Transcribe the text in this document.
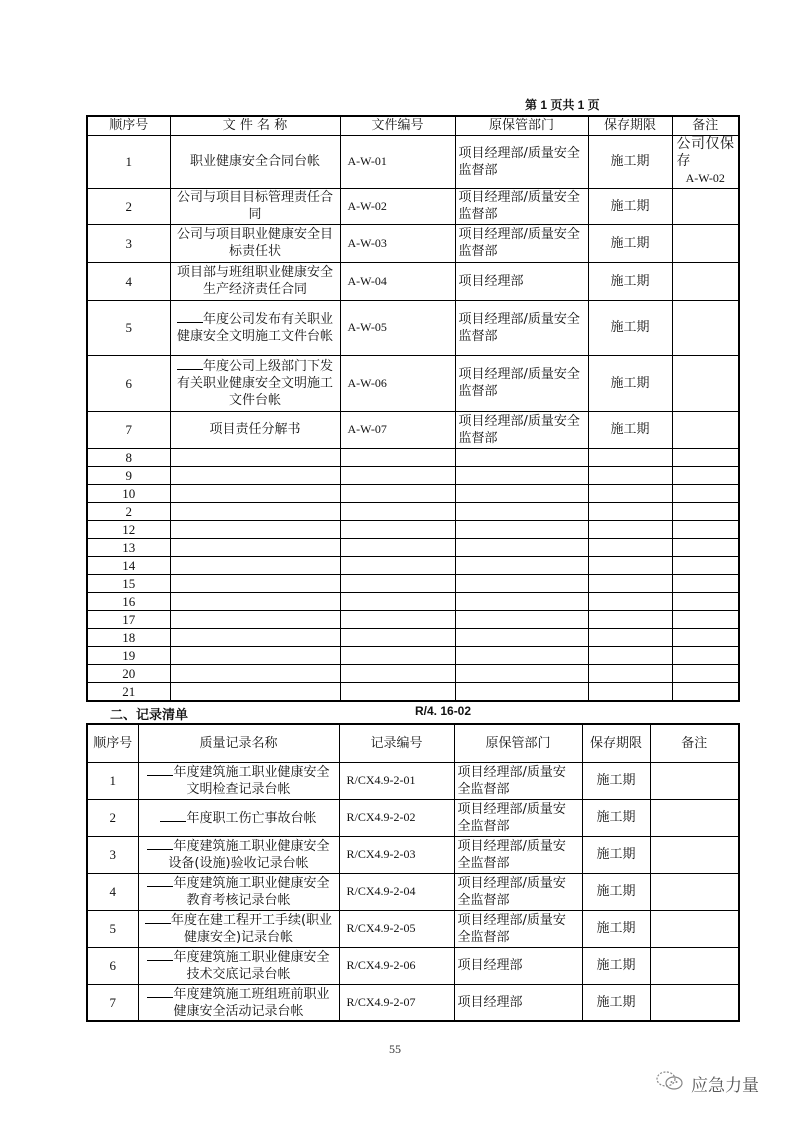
第 1 页共 1 页
顺序号	文 件 名 称	文件编号	原保管部门	保存期限	备注
1	职业健康安全合同台帐	A-W-01	项目经理部/质量安全监督部	施工期	公司仅保存
A-W-02

2	公司与项目目标管理责任合同	A-W-02	项目经理部/质量安全监督部	施工期	
3	公司与项目职业健康安全目标责任状	A-W-03	项目经理部/质量安全监督部	施工期	
4	项目部与班组职业健康安全生产经济责任合同	A-W-04	项目经理部	施工期	
5	年度公司发布有关职业健康安全文明施工文件台帐	A-W-05	项目经理部/质量安全监督部	施工期	
6	年度公司上级部门下发有关职业健康安全文明施工文件台帐	A-W-06	项目经理部/质量安全监督部	施工期	
7	项目责任分解书	A-W-07	项目经理部/质量安全监督部	施工期	
8					
9					
10					
2					
12					
13					
14					
15					
16					
17					
18					
19					
20					
21					
二、记录清单	R/4. 16-02
顺序号	质量记录名称	记录编号	原保管部门	保存期限	备注
1	年度建筑施工职业健康安全文明检查记录台帐	R/CX4.9-2-01	项目经理部/质量安全监督部	施工期	
2	年度职工伤亡事故台帐	R/CX4.9-2-02	项目经理部/质量安全监督部	施工期	
3	年度建筑施工职业健康安全设备(设施)验收记录台帐	R/CX4.9-2-03	项目经理部/质量安全监督部	施工期	
4	年度建筑施工职业健康安全教育考核记录台帐	R/CX4.9-2-04	项目经理部/质量安全监督部	施工期	
5	年度在建工程开工手续(职业健康安全)记录台帐	R/CX4.9-2-05	项目经理部/质量安全监督部	施工期	
6	年度建筑施工职业健康安全技术交底记录台帐	R/CX4.9-2-06	项目经理部	施工期	
7	年度建筑施工班组班前职业健康安全活动记录台帐	R/CX4.9-2-07	项目经理部	施工期	
55
应急力量
